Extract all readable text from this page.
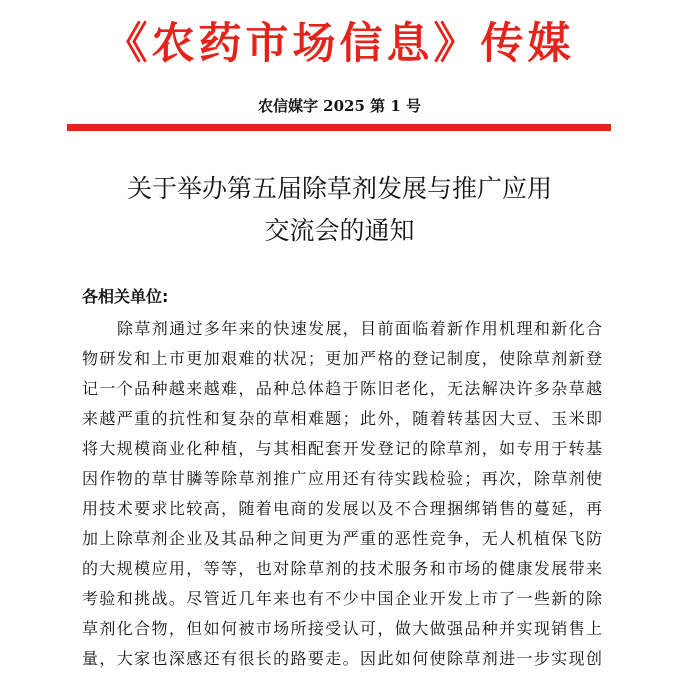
《农药市场信息》传媒
农信媒字 2025 第 1 号
关于举办第五届除草剂发展与推广应用
交流会的通知
各相关单位:
除草剂通过多年来的快速发展，目前面临着新作用机理和新化合
物研发和上市更加艰难的状况；更加严格的登记制度，使除草剂新登
记一个品种越来越难，品种总体趋于陈旧老化，无法解决许多杂草越
来越严重的抗性和复杂的草相难题；此外，随着转基因大豆、玉米即
将大规模商业化种植，与其相配套开发登记的除草剂，如专用于转基
因作物的草甘膦等除草剂推广应用还有待实践检验；再次，除草剂使
用技术要求比较高，随着电商的发展以及不合理捆绑销售的蔓延，再
加上除草剂企业及其品种之间更为严重的恶性竞争，无人机植保飞防
的大规模应用，等等，也对除草剂的技术服务和市场的健康发展带来
考验和挑战。尽管近几年来也有不少中国企业开发上市了一些新的除
草剂化合物，但如何被市场所接受认可，做大做强品种并实现销售上
量，大家也深感还有很长的路要走。因此如何使除草剂进一步实现创
